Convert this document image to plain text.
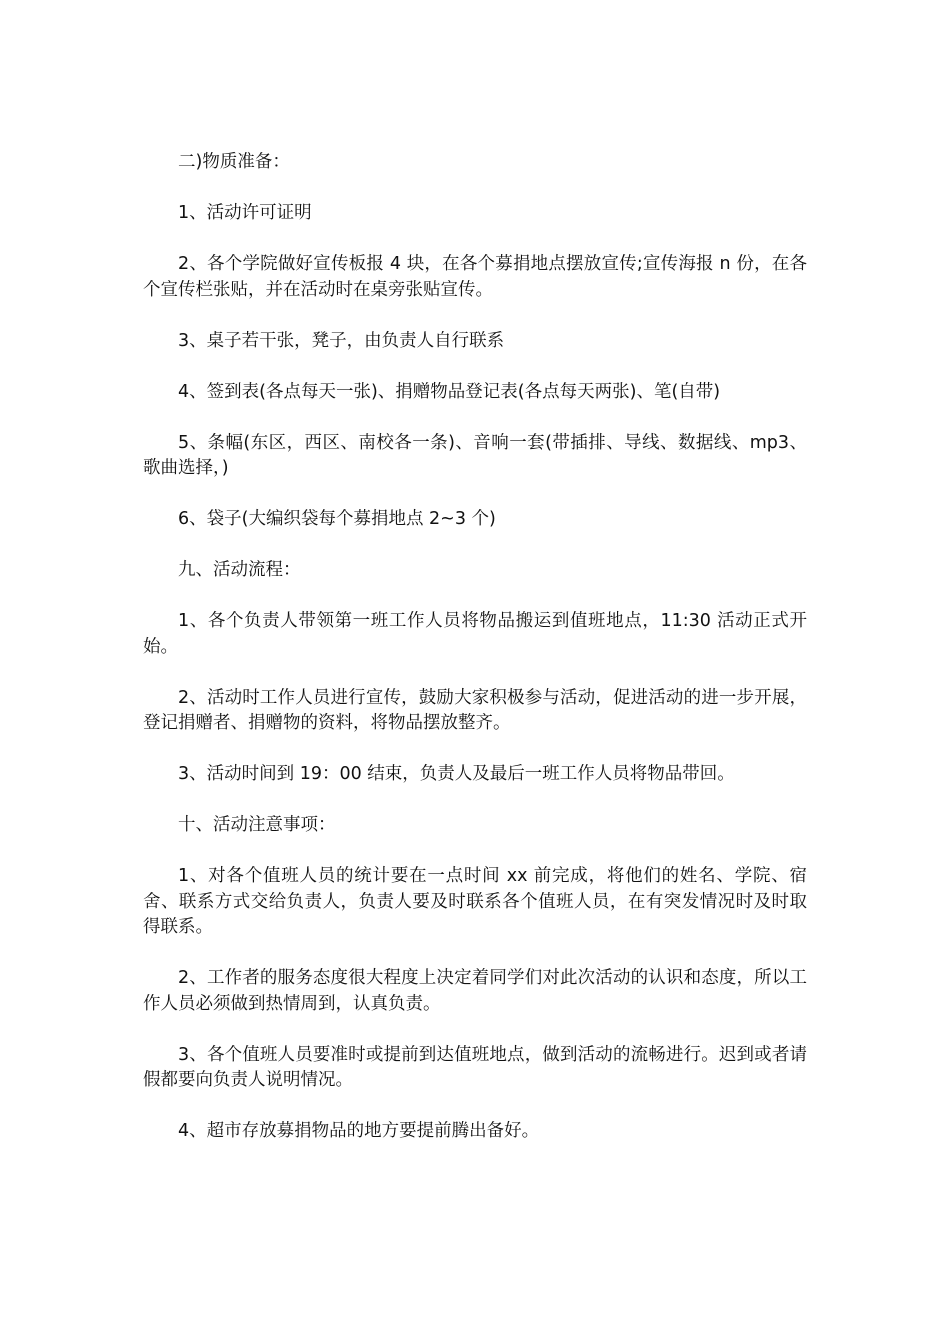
二)物质准备：

1、活动许可证明

2、各个学院做好宣传板报 4 块，在各个募捐地点摆放宣传;宣传海报 n 份，在各个宣传栏张贴，并在活动时在桌旁张贴宣传。

3、桌子若干张，凳子，由负责人自行联系

4、签到表(各点每天一张)、捐赠物品登记表(各点每天两张)、笔(自带)

5、条幅(东区，西区、南校各一条)、音响一套(带插排、导线、数据线、mp3、歌曲选择，)

6、袋子(大编织袋每个募捐地点 2~3 个)

九、活动流程：

1、各个负责人带领第一班工作人员将物品搬运到值班地点，11:30 活动正式开始。

2、活动时工作人员进行宣传，鼓励大家积极参与活动，促进活动的进一步开展，登记捐赠者、捐赠物的资料，将物品摆放整齐。

3、活动时间到 19：00 结束，负责人及最后一班工作人员将物品带回。

十、活动注意事项：

1、对各个值班人员的统计要在一点时间 xx 前完成，将他们的姓名、学院、宿舍、联系方式交给负责人，负责人要及时联系各个值班人员，在有突发情况时及时取得联系。

2、工作者的服务态度很大程度上决定着同学们对此次活动的认识和态度，所以工作人员必须做到热情周到，认真负责。

3、各个值班人员要准时或提前到达值班地点，做到活动的流畅进行。迟到或者请假都要向负责人说明情况。

4、超市存放募捐物品的地方要提前腾出备好。
